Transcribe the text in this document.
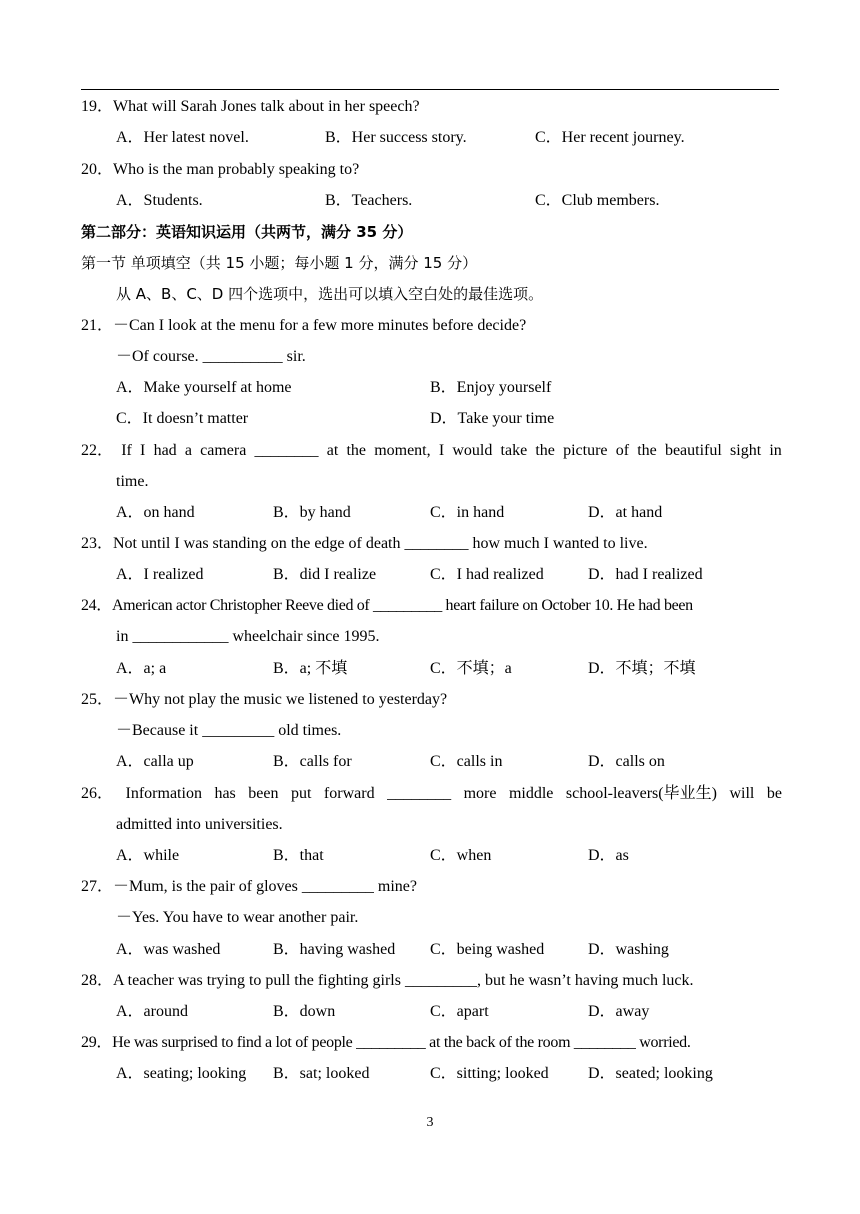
19．What will Sarah Jones talk about in her speech?
A．Her latest novel.	B．Her success story.	C．Her recent journey.
20．Who is the man probably speaking to?
A．Students.	B．Teachers.	C．Club members.
第二部分：英语知识运用（共两节，满分 35 分）
第一节 单项填空（共 15 小题；每小题 1 分，满分 15 分）
从 A、B、C、D 四个选项中，选出可以填入空白处的最佳选项。
21．－Can I look at the menu for a few more minutes before decide?
－Of course. __________ sir.
A．Make yourself at home	B．Enjoy yourself
C．It doesn’t matter	D．Take your time
22． If I had a camera ________ at the moment, I would take the picture of the beautiful sight in
time.
A．on hand	B．by hand	C．in hand	D．at hand
23．Not until I was standing on the edge of death ________ how much I wanted to live.
A．I realized	B．did I realize	C．I had realized	D．had I realized
24．American actor Christopher Reeve died of _________ heart failure on October 10. He had been
in ____________ wheelchair since 1995.
A．a; a	B．a; 不填	C．不填；a	D．不填；不填
25．－Why not play the music we listened to yesterday?
－Because it _________ old times.
A．calla up	B．calls for	C．calls in	D．calls on
26． Information has been put forward ________ more middle school-leavers(毕业生) will be
admitted into universities.
A．while	B．that	C．when	D．as
27．－Mum, is the pair of gloves _________ mine?
－Yes. You have to wear another pair.
A．was washed	B．having washed C．being washed	D．washing
28．A teacher was trying to pull the fighting girls _________, but he wasn’t having much luck.
A．around	B．down	C．apart	D．away
29．He was surprised to find a lot of people _________ at the back of the room ________ worried.
A．seating; looking B．sat; looked	C．sitting; looked D．seated; looking
3
